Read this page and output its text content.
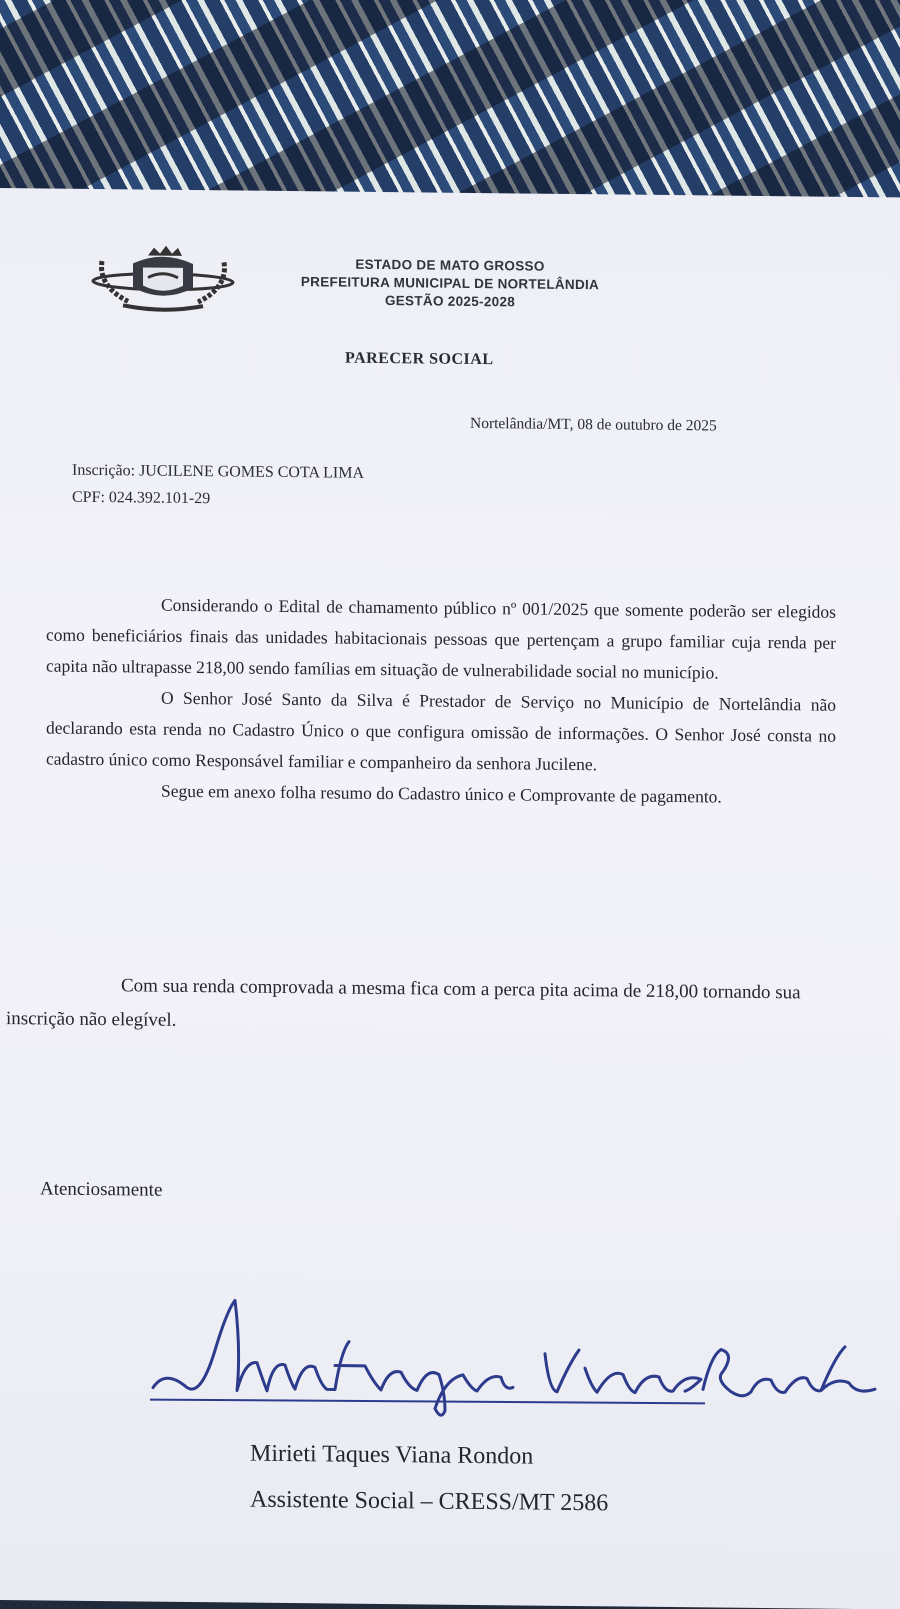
ESTADO DE MATO GROSSO
PREFEITURA MUNICIPAL DE NORTELÂNDIA
GESTÃO 2025-2028
PARECER SOCIAL
Nortelândia/MT, 08 de outubro de 2025
Inscrição: JUCILENE GOMES COTA LIMA
CPF: 024.392.101-29

Considerando o Edital de chamamento público nº 001/2025 que somente poderão ser elegidos como beneficiários finais das unidades habitacionais pessoas que pertençam a grupo familiar cuja renda per capita não ultrapasse 218,00 sendo famílias em situação de vulnerabilidade social no município.

O Senhor José Santo da Silva é Prestador de Serviço no Município de Nortelândia não declarando esta renda no Cadastro Único o que configura omissão de informações. O Senhor José consta no cadastro único como Responsável familiar e companheiro da senhora Jucilene.

Segue em anexo folha resumo do Cadastro único e Comprovante de pagamento.

Com sua renda comprovada a mesma fica com a perca pita acima de 218,00 tornando sua inscrição não elegível.

Atenciosamente
Mirieti Taques Viana Rondon
Assistente Social – CRESS/MT 2586
